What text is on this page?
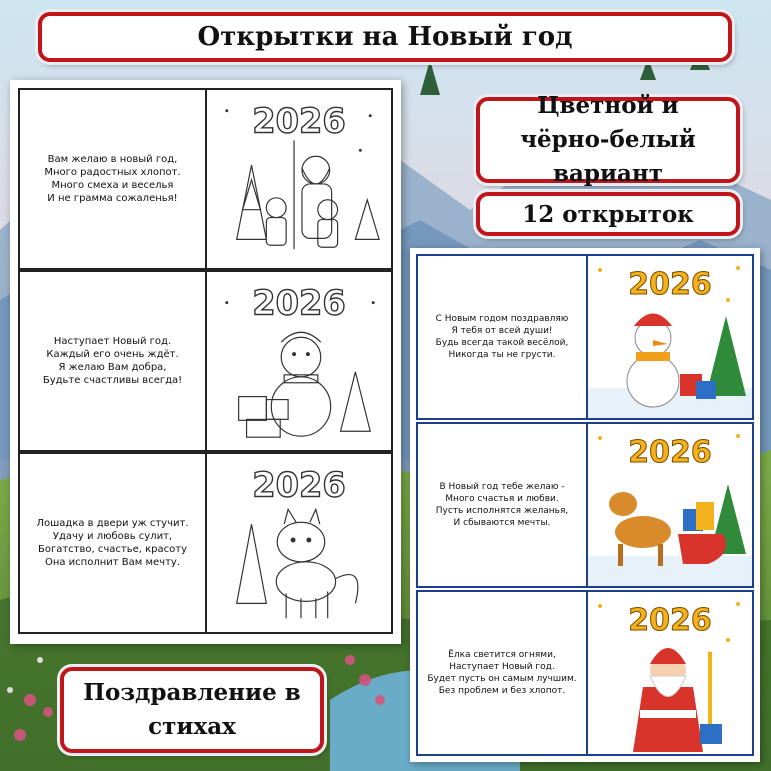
Открытки на Новый год
Цветной и чёрно-белый вариант
12 открыток
Поздравление в стихах
Вам желаю в новый год,
Много радостных хлопот.
Много смеха и веселья
И не грамма сожаленья!
2026
Наступает Новый год.
Каждый его очень ждёт.
Я желаю Вам добра,
Будьте счастливы всегда!
2026
Лошадка в двери уж стучит.
Удачу и любовь сулит,
Богатство, счастье, красоту
Она исполнит Вам мечту.
2026
С Новым годом поздравляю
Я тебя от всей души!
Будь всегда такой весёлой,
Никогда ты не грусти.
2026
В Новый год тебе желаю -
Много счастья и любви.
Пусть исполнятся желанья,
И сбываются мечты.
2026
Ёлка светится огнями,
Наступает Новый год.
Будет пусть он самым лучшим.
Без проблем и без хлопот.
2026
